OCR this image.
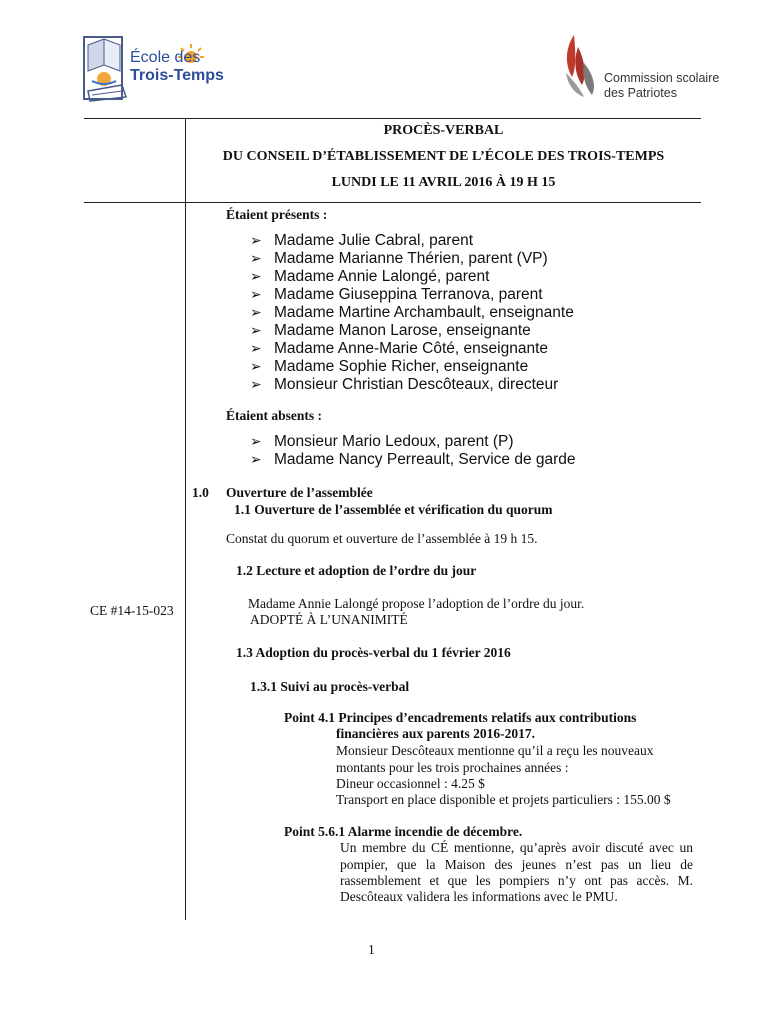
École des
Trois-Temps	Commission scolaire
des Patriotes
PROCÈS-VERBAL
DU CONSEIL D’ÉTABLISSEMENT DE L’ÉCOLE DES TROIS-TEMPS
LUNDI LE 11 AVRIL 2016 À 19 H 15
Étaient présents :
➢ Madame Julie Cabral, parent
➢ Madame Marianne Thérien, parent (VP)
➢ Madame Annie Lalongé, parent
➢ Madame Giuseppina Terranova, parent
➢ Madame Martine Archambault, enseignante
➢ Madame Manon Larose, enseignante
➢ Madame Anne-Marie Côté, enseignante
➢ Madame Sophie Richer, enseignante
➢ Monsieur Christian Descôteaux, directeur
Étaient absents :
➢ Monsieur Mario Ledoux, parent (P)
➢ Madame Nancy Perreault, Service de garde
1.0 Ouverture de l’assemblée
1.1 Ouverture de l’assemblée et vérification du quorum
Constat du quorum et ouverture de l’assemblée à 19 h 15.
1.2 Lecture et adoption de l’ordre du jour
CE #14-15-023	Madame Annie Lalongé propose l’adoption de l’ordre du jour.
ADOPTÉ À L’UNANIMITÉ
1.3 Adoption du procès-verbal du 1 février 2016
1.3.1 Suivi au procès-verbal
Point 4.1 Principes d’encadrements relatifs aux contributions
financières aux parents 2016-2017.
Monsieur Descôteaux mentionne qu’il a reçu les nouveaux
montants pour les trois prochaines années :
Dineur occasionnel : 4.25 $
Transport en place disponible et projets particuliers : 155.00 $
Point 5.6.1 Alarme incendie de décembre.
Un membre du CÉ mentionne, qu’après avoir discuté avec un
pompier, que la Maison des jeunes n’est pas un lieu de
rassemblement et que les pompiers n’y ont pas accès. M.
Descôteaux validera les informations avec le PMU.
1
